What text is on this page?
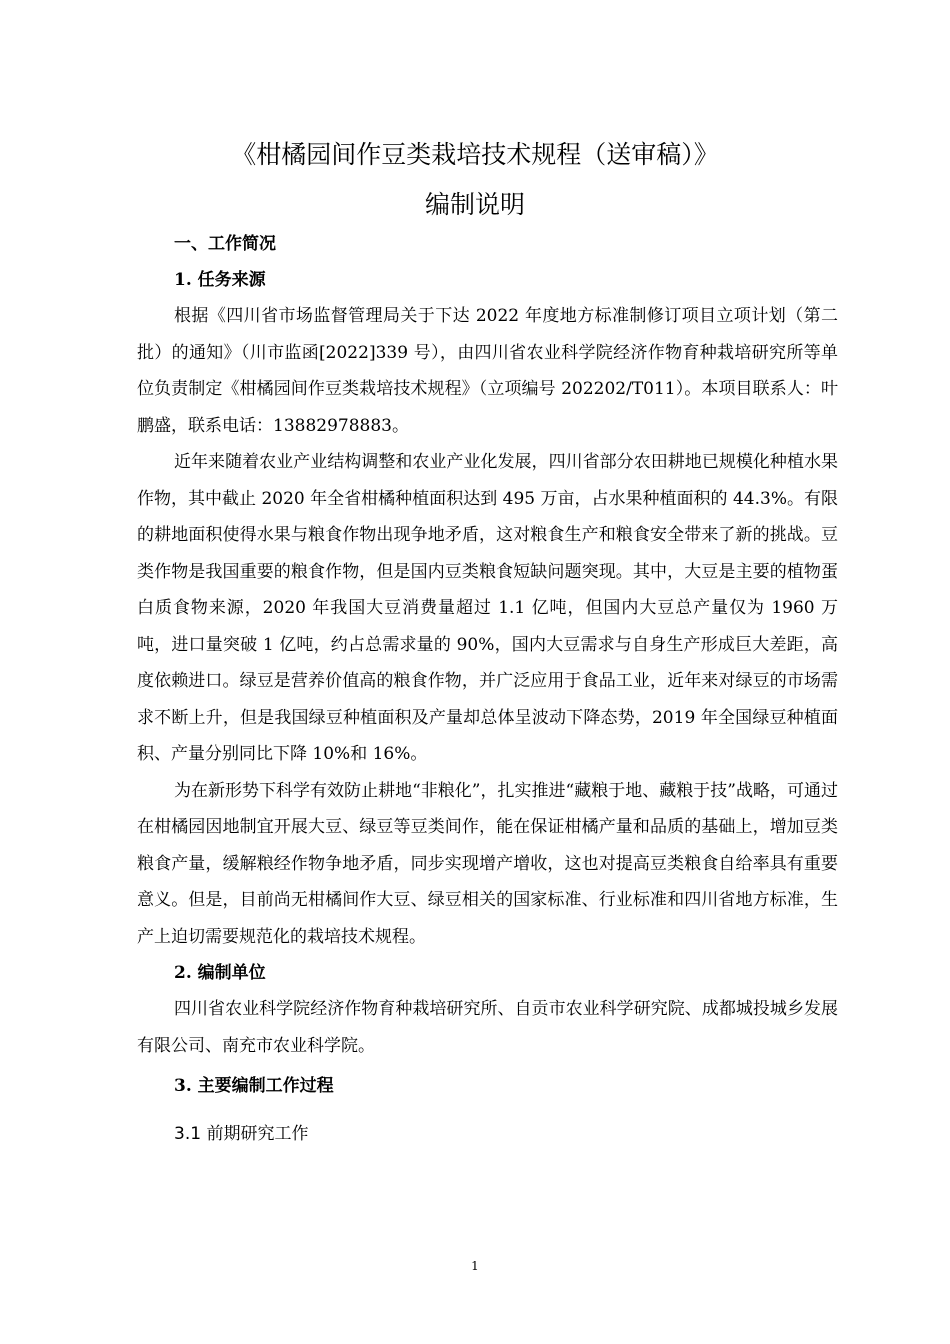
《柑橘园间作豆类栽培技术规程（送审稿）》
编制说明

一、工作简况

1. 任务来源

根据《四川省市场监督管理局关于下达 2022 年度地方标准制修订项目立项计划（第二批）的通知》（川市监函[2022]339 号），由四川省农业科学院经济作物育种栽培研究所等单位负责制定《柑橘园间作豆类栽培技术规程》（立项编号 202202/T011）。本项目联系人：叶鹏盛，联系电话：13882978883。

近年来随着农业产业结构调整和农业产业化发展，四川省部分农田耕地已规模化种植水果作物，其中截止 2020 年全省柑橘种植面积达到 495 万亩，占水果种植面积的 44.3%。有限的耕地面积使得水果与粮食作物出现争地矛盾，这对粮食生产和粮食安全带来了新的挑战。豆类作物是我国重要的粮食作物，但是国内豆类粮食短缺问题突现。其中，大豆是主要的植物蛋白质食物来源，2020 年我国大豆消费量超过 1.1 亿吨，但国内大豆总产量仅为 1960 万吨，进口量突破 1 亿吨，约占总需求量的 90%，国内大豆需求与自身生产形成巨大差距，高度依赖进口。绿豆是营养价值高的粮食作物，并广泛应用于食品工业，近年来对绿豆的市场需求不断上升，但是我国绿豆种植面积及产量却总体呈波动下降态势，2019 年全国绿豆种植面积、产量分别同比下降 10%和 16%。

为在新形势下科学有效防止耕地“非粮化”，扎实推进“藏粮于地、藏粮于技”战略，可通过在柑橘园因地制宜开展大豆、绿豆等豆类间作，能在保证柑橘产量和品质的基础上，增加豆类粮食产量，缓解粮经作物争地矛盾，同步实现增产增收，这也对提高豆类粮食自给率具有重要意义。但是，目前尚无柑橘间作大豆、绿豆相关的国家标准、行业标准和四川省地方标准，生产上迫切需要规范化的栽培技术规程。

2. 编制单位

四川省农业科学院经济作物育种栽培研究所、自贡市农业科学研究院、成都城投城乡发展有限公司、南充市农业科学院。

3. 主要编制工作过程

3.1 前期研究工作

1
